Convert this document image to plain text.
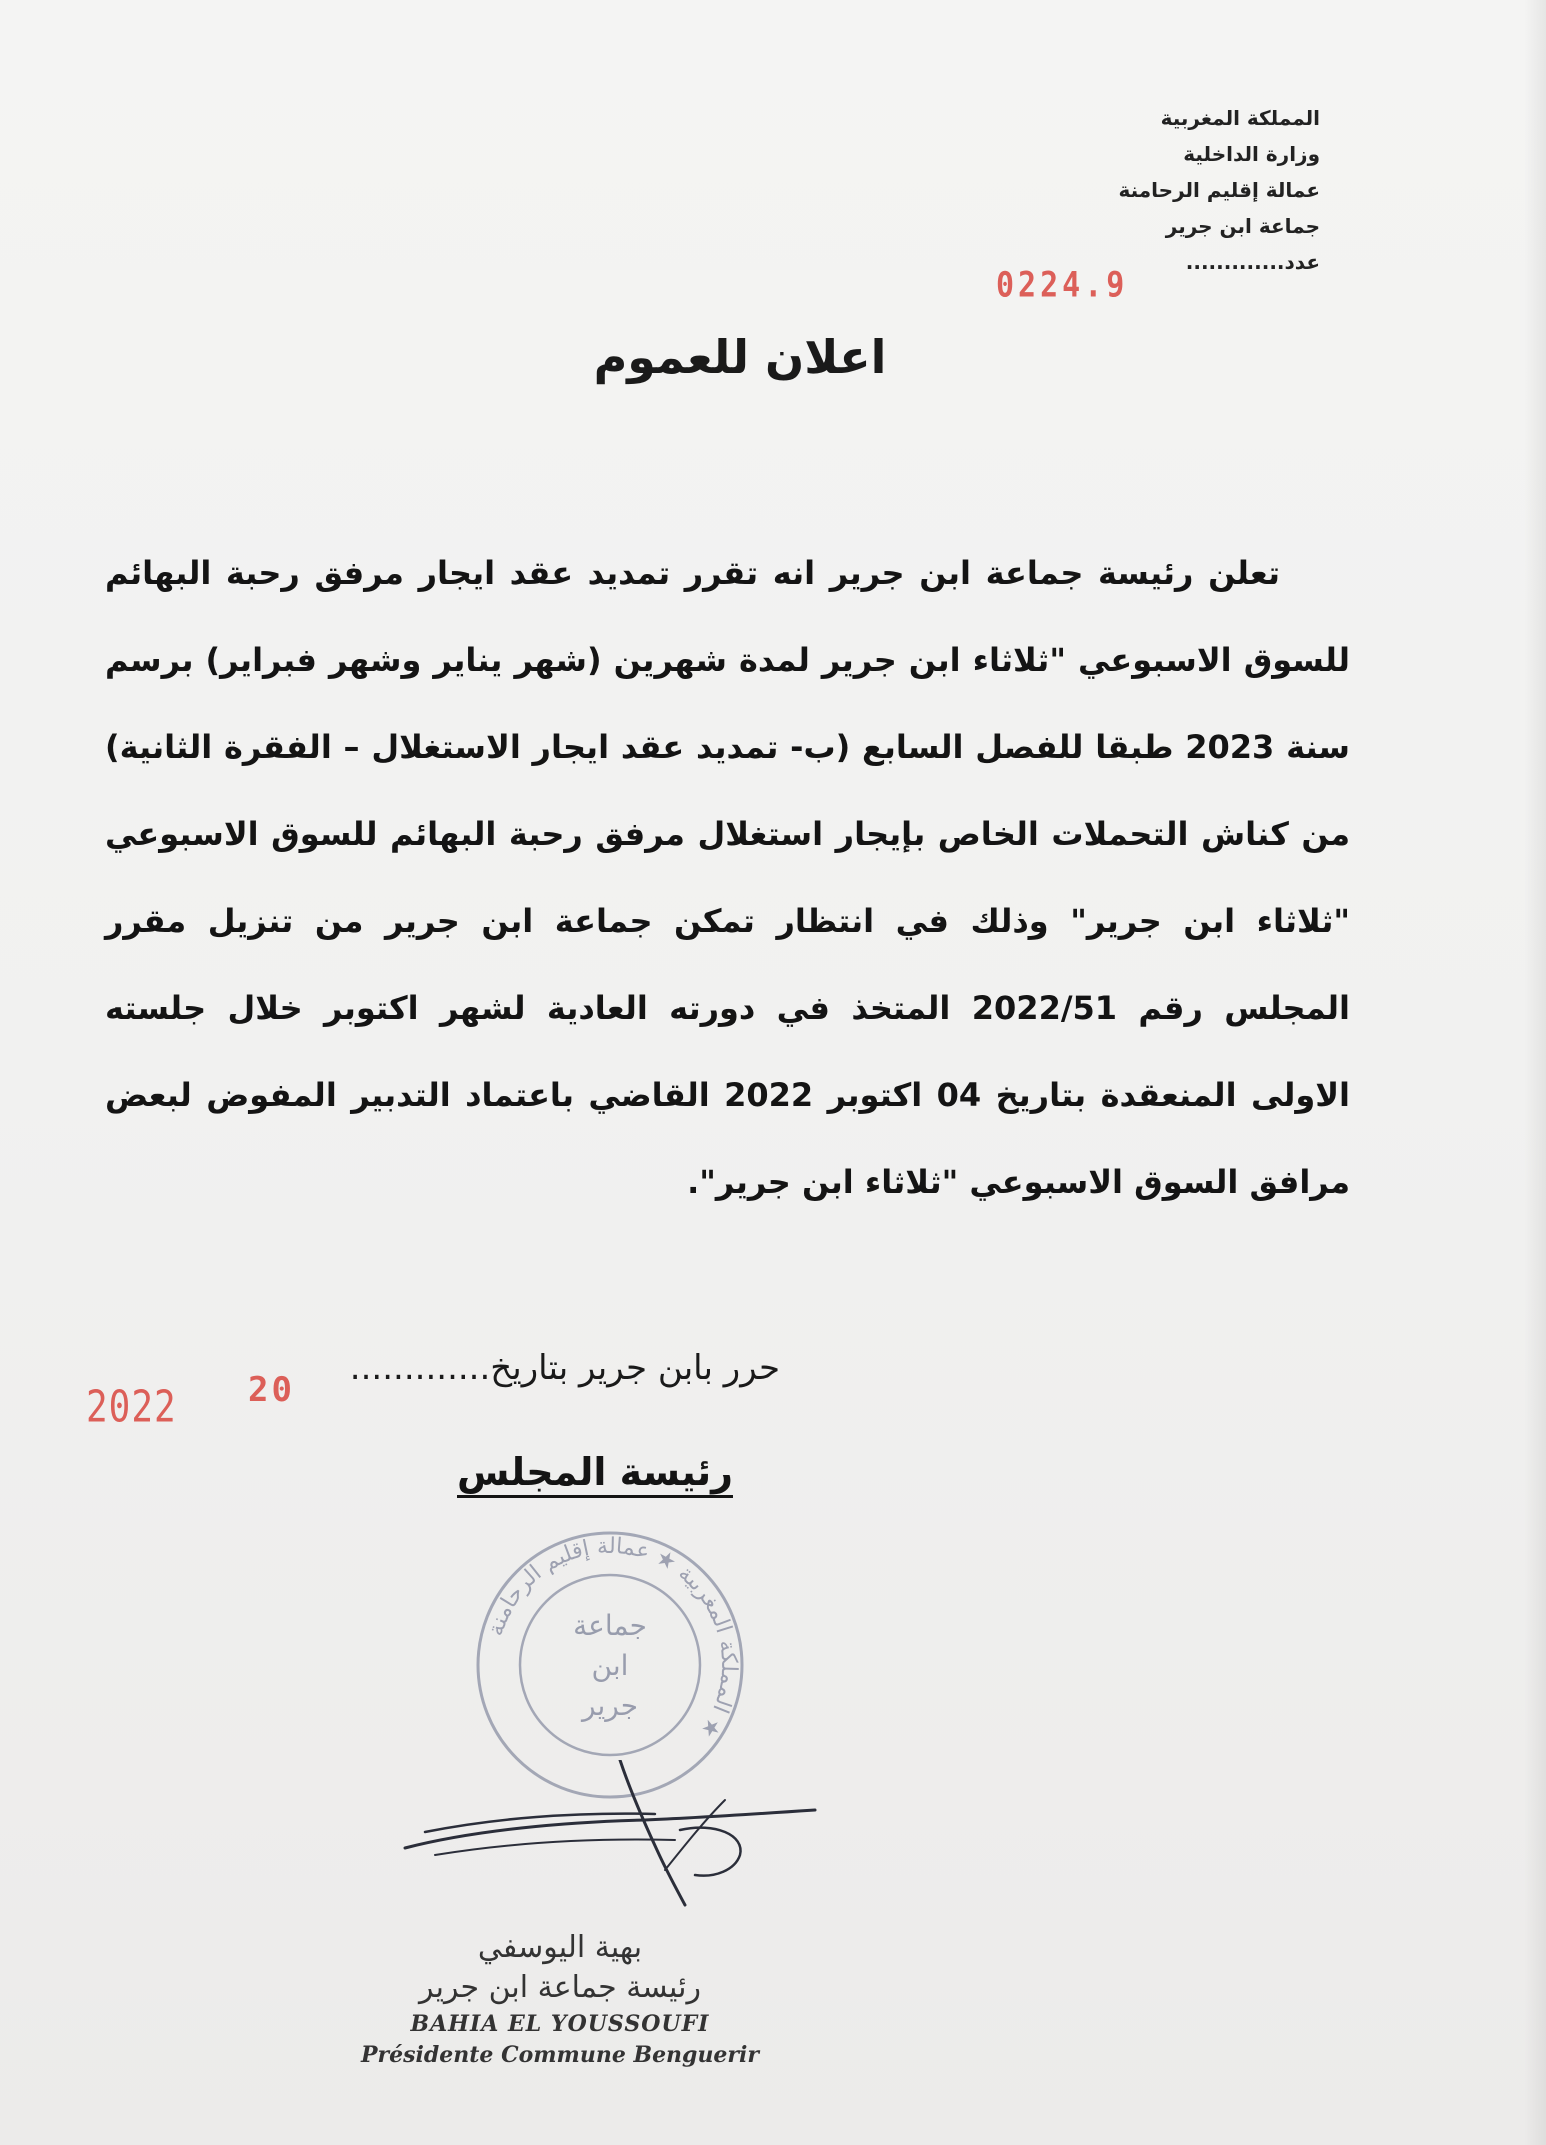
المملكة المغربية
وزارة الداخلية
عمالة إقليم الرحامنة
جماعة ابن جرير
عدد.............
0224.9
اعلان للعموم

تعلن رئيسة جماعة ابن جرير انه تقرر تمديد عقد ايجار مرفق رحبة البهائم للسوق الاسبوعي "ثلاثاء ابن جرير لمدة شهرين (شهر يناير وشهر فبراير) برسم سنة 2023 طبقا للفصل السابع (ب- تمديد عقد ايجار الاستغلال – الفقرة الثانية) من كناش التحملات الخاص بإيجار استغلال مرفق رحبة البهائم للسوق الاسبوعي "ثلاثاء ابن جرير" وذلك في انتظار تمكن جماعة ابن جرير من تنزيل مقرر المجلس رقم 2022/51 المتخذ في دورته العادية لشهر اكتوبر خلال جلسته الاولى المنعقدة بتاريخ 04 اكتوبر 2022 القاضي باعتماد التدبير المفوض لبعض مرافق السوق الاسبوعي "ثلاثاء ابن جرير".

حرر بابن جرير بتاريخ.............
2022 20
رئيسة المجلس
المملكة المغربية ★ عمالة إقليم الرحامنة ★
جماعة
ابن
جرير
بهية اليوسفي
رئيسة جماعة ابن جرير
BAHIA EL YOUSSOUFI
Présidente Commune Benguerir
